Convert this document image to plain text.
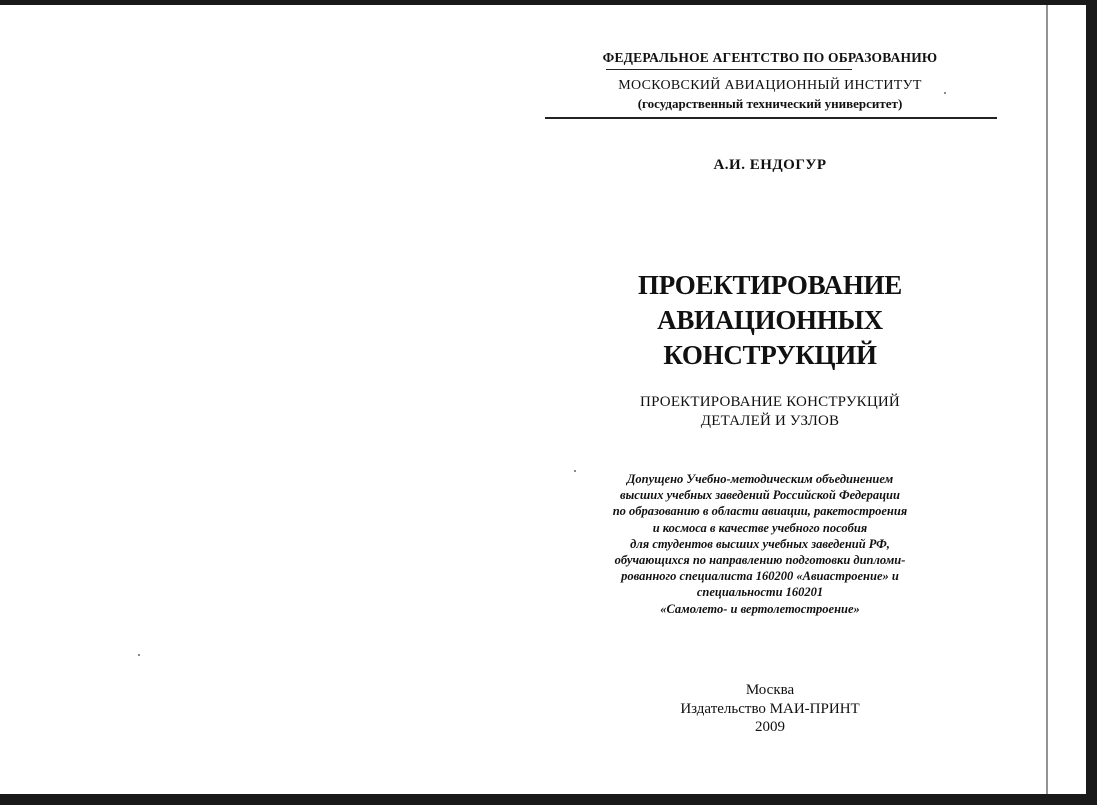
ФЕДЕРАЛЬНОЕ АГЕНТСТВО ПО ОБРАЗОВАНИЮ
МОСКОВСКИЙ АВИАЦИОННЫЙ ИНСТИТУТ
(государственный технический университет)
А.И. ЕНДОГУР
ПРОЕКТИРОВАНИЕ
АВИАЦИОННЫХ
КОНСТРУКЦИЙ
ПРОЕКТИРОВАНИЕ КОНСТРУКЦИЙ
ДЕТАЛЕЙ И УЗЛОВ
Допущено Учебно-методическим объединением
высших учебных заведений Российской Федерации
по образованию в области авиации, ракетостроения
и космоса в качестве учебного пособия
для студентов высших учебных заведений РФ,
обучающихся по направлению подготовки дипломи-
рованного специалиста 160200 «Авиастроение» и
специальности 160201
«Самолето- и вертолетостроение»
Москва
Издательство МАИ-ПРИНТ
2009
